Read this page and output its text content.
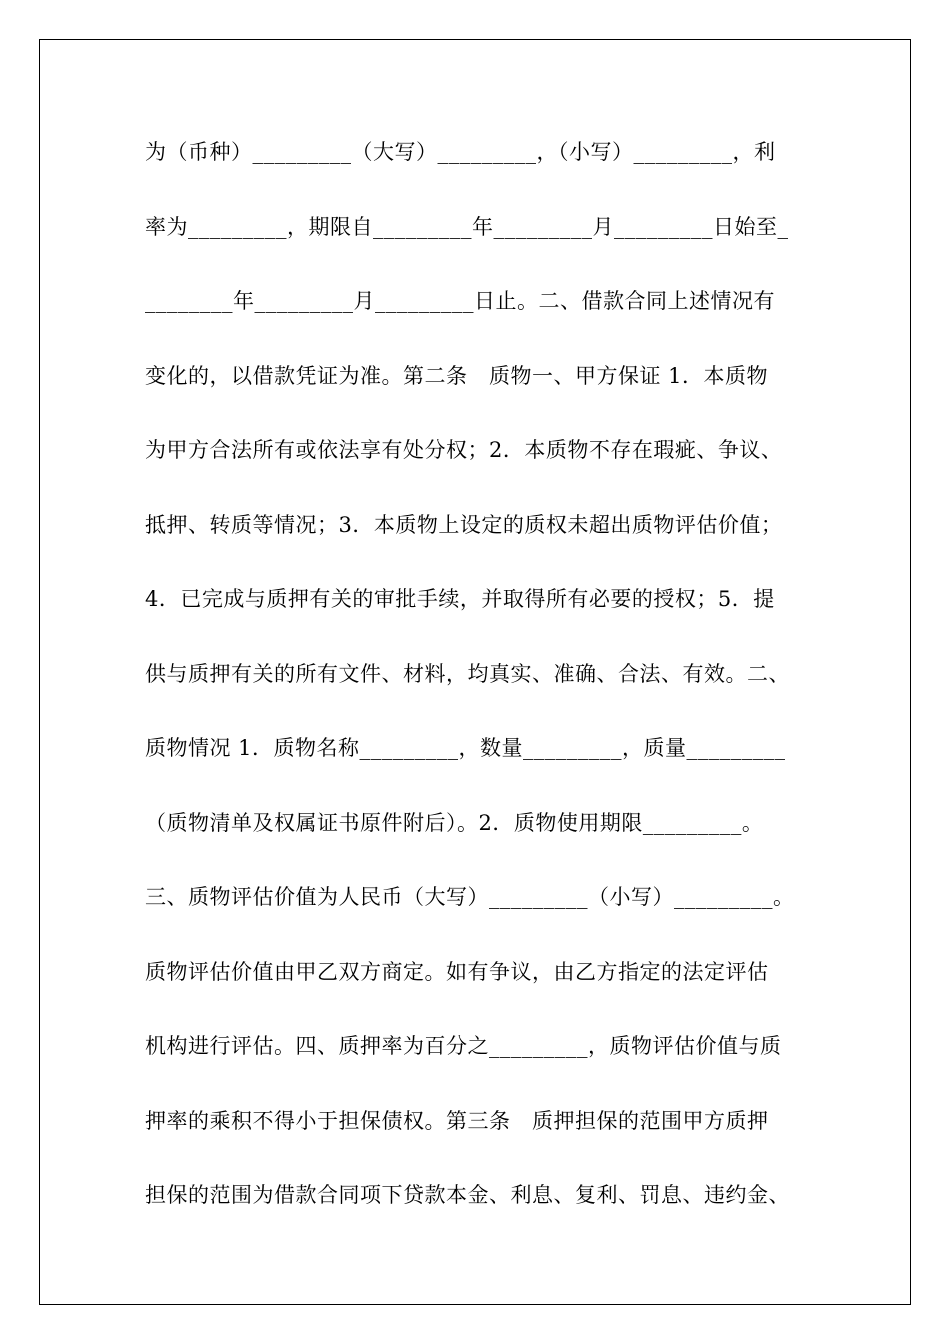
为（币种）_________（大写）_________，（小写）_________，利
率为_________，期限自_________年_________月_________日始至_
________年_________月_________日止。二、借款合同上述情况有
变化的，以借款凭证为准。第二条　质物一、甲方保证 1．本质物
为甲方合法所有或依法享有处分权；2．本质物不存在瑕疵、争议、
抵押、转质等情况；3．本质物上设定的质权未超出质物评估价值；
4．已完成与质押有关的审批手续，并取得所有必要的授权；5．提
供与质押有关的所有文件、材料，均真实、准确、合法、有效。二、
质物情况 1．质物名称_________，数量_________，质量_________
（质物清单及权属证书原件附后）。2．质物使用期限_________。
三、质物评估价值为人民币（大写）_________（小写）_________。
质物评估价值由甲乙双方商定。如有争议，由乙方指定的法定评估
机构进行评估。四、质押率为百分之_________，质物评估价值与质
押率的乘积不得小于担保债权。第三条　质押担保的范围甲方质押
担保的范围为借款合同项下贷款本金、利息、复利、罚息、违约金、
